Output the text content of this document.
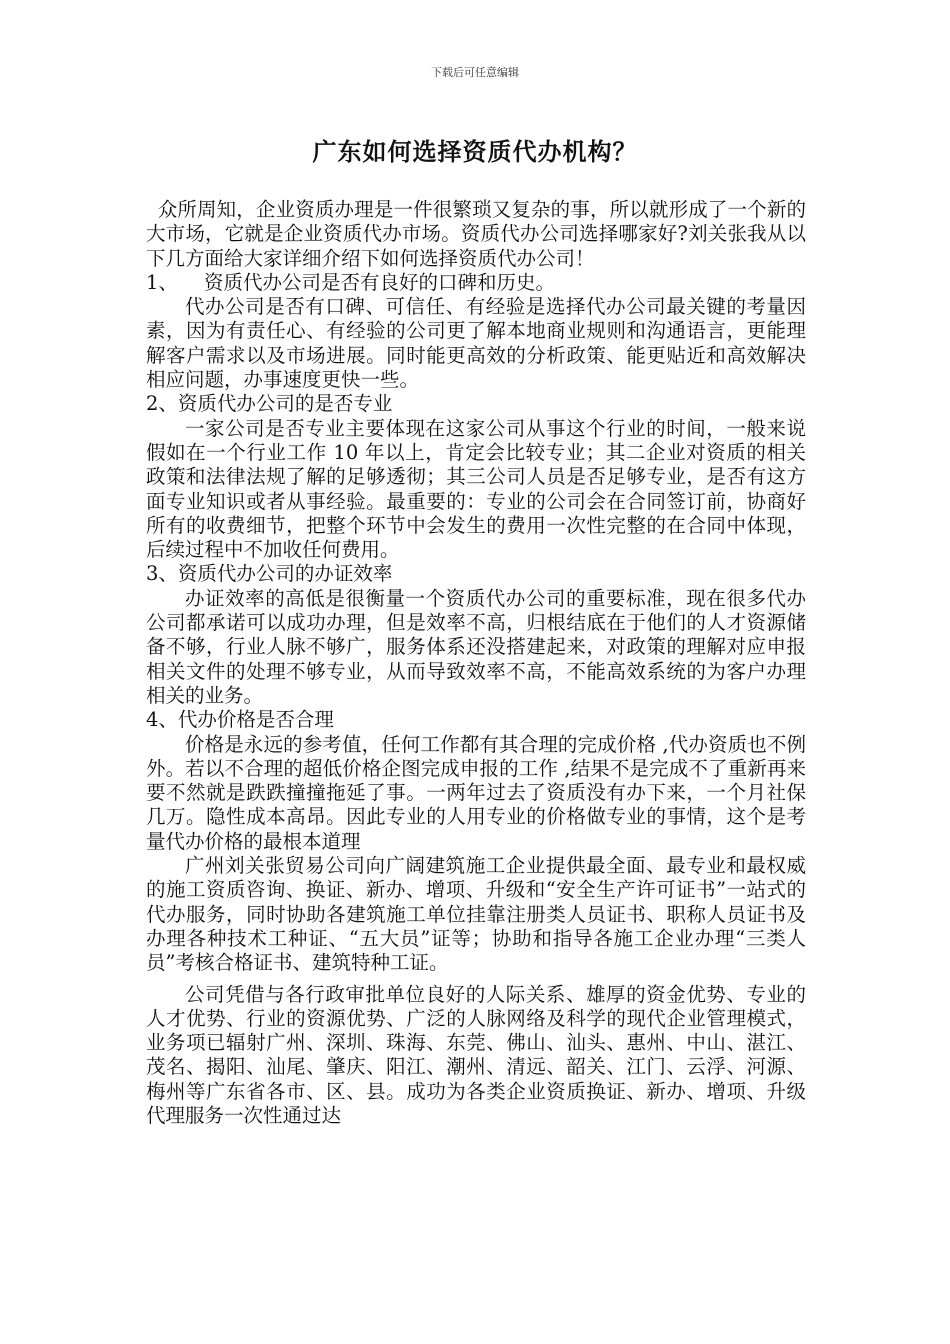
下载后可任意编辑
广东如何选择资质代办机构？

众所周知，企业资质办理是一件很繁琐又复杂的事，所以就形成了一个新的大市场，它就是企业资质代办市场。资质代办公司选择哪家好?刘关张我从以下几方面给大家详细介绍下如何选择资质代办公司！

1、 资质代办公司是否有良好的口碑和历史。

代办公司是否有口碑、可信任、有经验是选择代办公司最关键的考量因素，因为有责任心、有经验的公司更了解本地商业规则和沟通语言，更能理解客户需求以及市场进展。同时能更高效的分析政策、能更贴近和高效解决相应问题，办事速度更快一些。

2、资质代办公司的是否专业

一家公司是否专业主要体现在这家公司从事这个行业的时间，一般来说假如在一个行业工作 10 年以上，肯定会比较专业；其二企业对资质的相关政策和法律法规了解的足够透彻；其三公司人员是否足够专业，是否有这方面专业知识或者从事经验。最重要的：专业的公司会在合同签订前，协商好所有的收费细节，把整个环节中会发生的费用一次性完整的在合同中体现，后续过程中不加收任何费用。

3、资质代办公司的办证效率

办证效率的高低是很衡量一个资质代办公司的重要标准，现在很多代办公司都承诺可以成功办理，但是效率不高，归根结底在于他们的人才资源储备不够，行业人脉不够广，服务体系还没搭建起来，对政策的理解对应申报相关文件的处理不够专业，从而导致效率不高，不能高效系统的为客户办理相关的业务。

4、代办价格是否合理

价格是永远的参考值，任何工作都有其合理的完成价格 ,代办资质也不例外。若以不合理的超低价格企图完成申报的工作 ,结果不是完成不了重新再来要不然就是跌跌撞撞拖延了事。一两年过去了资质没有办下来，一个月社保几万。隐性成本高昂。因此专业的人用专业的价格做专业的事情，这个是考量代办价格的最根本道理

广州刘关张贸易公司向广阔建筑施工企业提供最全面、最专业和最权威的施工资质咨询、换证、新办、增项、升级和“安全生产许可证书”一站式的代办服务，同时协助各建筑施工单位挂靠注册类人员证书、职称人员证书及办理各种技术工种证、“五大员”证等；协助和指导各施工企业办理“三类人员”考核合格证书、建筑特种工证。

公司凭借与各行政审批单位良好的人际关系、雄厚的资金优势、专业的人才优势、行业的资源优势、广泛的人脉网络及科学的现代企业管理模式，业务项已辐射广州、深圳、珠海、东莞、佛山、汕头、惠州、中山、湛江、茂名、揭阳、汕尾、肇庆、阳江、潮州、清远、韶关、江门、云浮、河源、梅州等广东省各市、区、县。成功为各类企业资质换证、新办、增项、升级代理服务一次性通过达
